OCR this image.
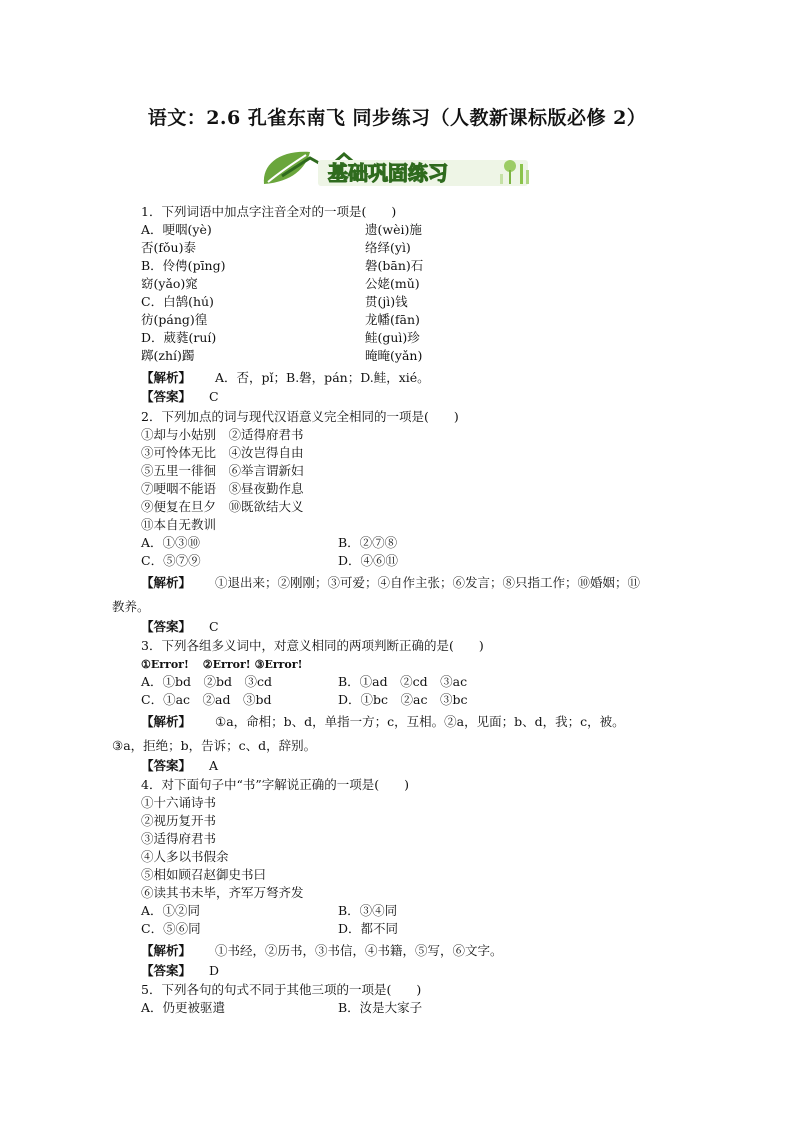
语文：2.6 孔雀东南飞 同步练习（人教新课标版必修 2）
基础巩固练习
1．下列词语中加点字注音全对的一项是(　　)
A．哽咽(yè)	遗(wèi)施
否(fǒu)泰	络绎(yì)
B．伶俜(pīng)	磐(bān)石
窈(yǎo)窕	公姥(mǔ)
C．白鹄(hú)	贯(jì)钱
彷(páng)徨	龙幡(fān)
D．葳蕤(ruí)	鲑(guì)珍
踯(zhí)躅	晻晻(yǎn)
【解析】 A．否，pǐ；B.磐，pán；D.鲑，xié。
【答案】 C
2．下列加点的词与现代汉语意义完全相同的一项是(　　)
①却与小姑别　②适得府君书
③可怜体无比　④汝岂得自由
⑤五里一徘徊　⑥举言谓新妇
⑦哽咽不能语　⑧昼夜勤作息
⑨便复在旦夕　⑩既欲结大义
⑪本自无教训
A．①③⑩	B．②⑦⑧
C．⑤⑦⑨	D．④⑥⑪
【解析】 ①退出来；②刚刚；③可爱；④自作主张；⑥发言；⑧只指工作；⑩婚姻；⑪
教养。
【答案】 C
3．下列各组多义词中，对意义相同的两项判断正确的是(　　)
①Error! ②Error! ③Error!
A．①bd　②bd　③cd	B．①ad　②cd　③ac
C．①ac　②ad　③bd	D．①bc　②ac　③bc
【解析】 ①a，命相；b、d，单指一方；c，互相。②a，见面；b、d，我；c，被。
③a，拒绝；b，告诉；c、d，辞别。
【答案】 A
4．对下面句子中“书”字解说正确的一项是(　　)
①十六诵诗书
②视历复开书
③适得府君书
④人多以书假余
⑤相如顾召赵御史书曰
⑥读其书未毕，齐军万弩齐发
A．①②同	B．③④同
C．⑤⑥同	D．都不同
【解析】 ①书经，②历书，③书信，④书籍，⑤写，⑥文字。
【答案】 D
5．下列各句的句式不同于其他三项的一项是(　　)
A．仍更被驱遣	B．汝是大家子
